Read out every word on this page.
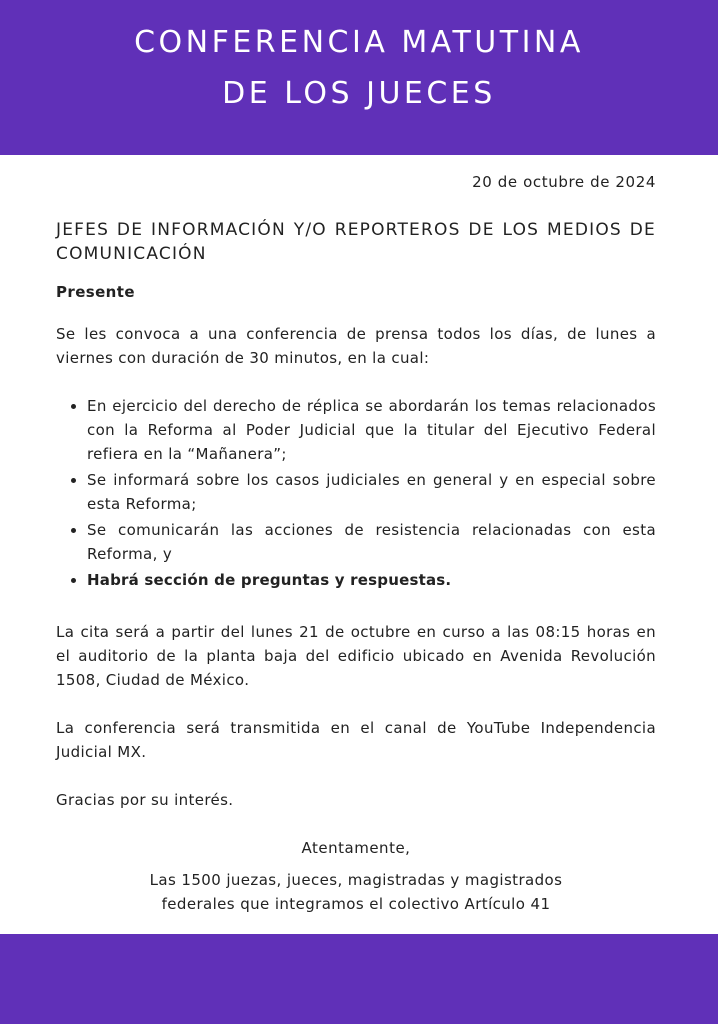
CONFERENCIA MATUTINA
DE LOS JUECES

20 de octubre de 2024

JEFES DE INFORMACIÓN Y/O REPORTEROS DE LOS MEDIOS DE COMUNICACIÓN

Presente

Se les convoca a una conferencia de prensa todos los días, de lunes a viernes con duración de 30 minutos, en la cual:

En ejercicio del derecho de réplica se abordarán los temas relacionados con la Reforma al Poder Judicial que la titular del Ejecutivo Federal refiera en la “Mañanera”;
Se informará sobre los casos judiciales en general y en especial sobre esta Reforma;
Se comunicarán las acciones de resistencia relacionadas con esta Reforma, y
Habrá sección de preguntas y respuestas.

La cita será a partir del lunes 21 de octubre en curso a las 08:15 horas en el auditorio de la planta baja del edificio ubicado en Avenida Revolución 1508, Ciudad de México.

La conferencia será transmitida en el canal de YouTube Independencia Judicial MX.

Gracias por su interés.

Atentamente,

Las 1500 juezas, jueces, magistradas y magistrados
federales que integramos el colectivo Artículo 41
